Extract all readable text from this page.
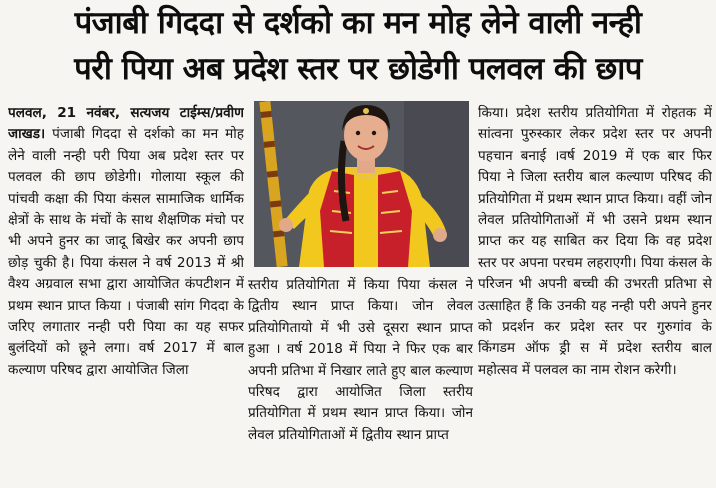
पंजाबी गिददा से दर्शको का मन मोह लेने वाली नन्ही
परी पिया अब प्रदेश स्तर पर छोडेगी पलवल की छाप

पलवल, 21 नवंबर, सत्यजय टाईम्स/प्रवीण जाखड। पंजाबी गिददा से दर्शको का मन मोह लेने वाली नन्ही परी पिया अब प्रदेश स्तर पर पलवल की छाप छोडेगी। गोलाया स्कूल की पांचवी कक्षा की पिया कंसल सामाजिक धार्मिक क्षेत्रों के साथ के मंचों के साथ शैक्षणिक मंचो पर भी अपने हुनर का जादू बिखेर कर अपनी छाप छोड़ चुकी है। पिया कंसल ने वर्ष 2013 में श्री वैश्य अग्रवाल सभा द्वारा आयोजित कंपटीशन में प्रथम स्थान प्राप्त किया । पंजाबी सांग गिददा के जरिए लगातार नन्ही परी पिया का यह सफर बुलंदियों को छूने लगा। वर्ष 2017 में बाल कल्याण परिषद द्वारा आयोजित जिला

स्तरीय प्रतियोगिता में किया पिया कंसल ने द्वितीय स्थान प्राप्त किया। जोन लेवल प्रतियोगितायो में भी उसे दूसरा स्थान प्राप्त हुआ । वर्ष 2018 में पिया ने फिर एक बार अपनी प्रतिभा में निखार लाते हुए बाल कल्याण परिषद द्वारा आयोजित जिला स्तरीय प्रतियोगिता में प्रथम स्थान प्राप्त किया। जोन लेवल प्रतियोगिताओं में द्वितीय स्थान प्राप्त

किया। प्रदेश स्तरीय प्रतियोगिता में रोहतक में सांत्वना पुरुस्कार लेकर प्रदेश स्तर पर अपनी पहचान बनाई ।वर्ष 2019 में एक बार फिर पिया ने जिला स्तरीय बाल कल्याण परिषद की प्रतियोगिता में प्रथम स्थान प्राप्त किया। वहीं जोन लेवल प्रतियोगिताओं में भी उसने प्रथम स्थान प्राप्त कर यह साबित कर दिया कि वह प्रदेश स्तर पर अपना परचम लहराएगी। पिया कंसल के परिजन भी अपनी बच्ची की उभरती प्रतिभा से उत्साहित हैं कि उनकी यह नन्ही परी अपने हुनर को प्रदर्शन कर प्रदेश स्तर पर गुरुगांव के किंगडम ऑफ ड्री स में प्रदेश स्तरीय बाल महोत्सव में पलवल का नाम रोशन करेगी।
